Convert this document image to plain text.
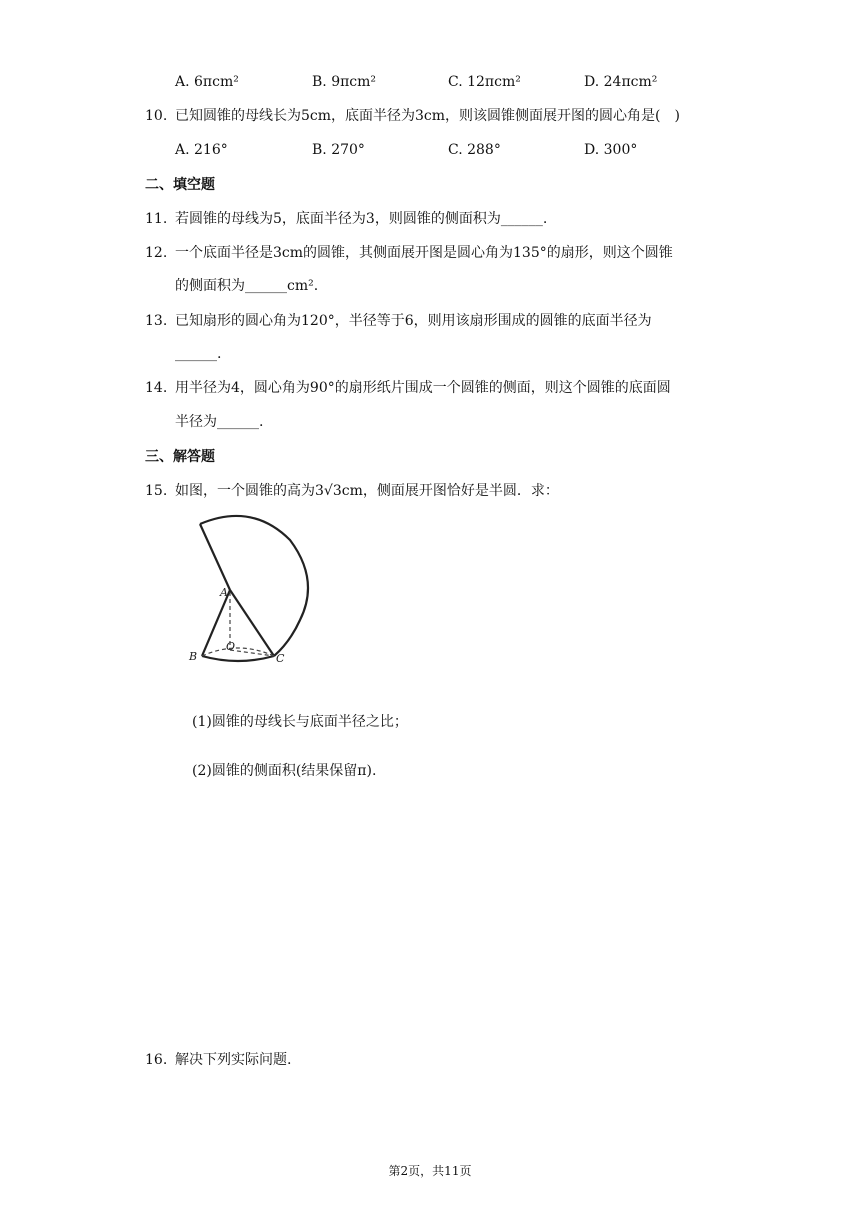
A. 6πcm²	B. 9πcm²	C. 12πcm²	D. 24πcm²
10. 已知圆锥的母线长为5cm，底面半径为3cm，则该圆锥侧面展开图的圆心角是( )
A. 216°	B. 270°	C. 288°	D. 300°
二、填空题
11. 若圆锥的母线为5，底面半径为3，则圆锥的侧面积为______.
12. 一个底面半径是3cm的圆锥，其侧面展开图是圆心角为135°的扇形，则这个圆锥
的侧面积为______cm².
13. 已知扇形的圆心角为120°，半径等于6，则用该扇形围成的圆锥的底面半径为
______.
14. 用半径为4，圆心角为90°的扇形纸片围成一个圆锥的侧面，则这个圆锥的底面圆
半径为______.
三、解答题
15. 如图，一个圆锥的高为3√3cm，侧面展开图恰好是半圆．求：
A
O
B	C
(1)圆锥的母线长与底面半径之比；
(2)圆锥的侧面积(结果保留π).
16. 解决下列实际问题.
第2页，共11页
